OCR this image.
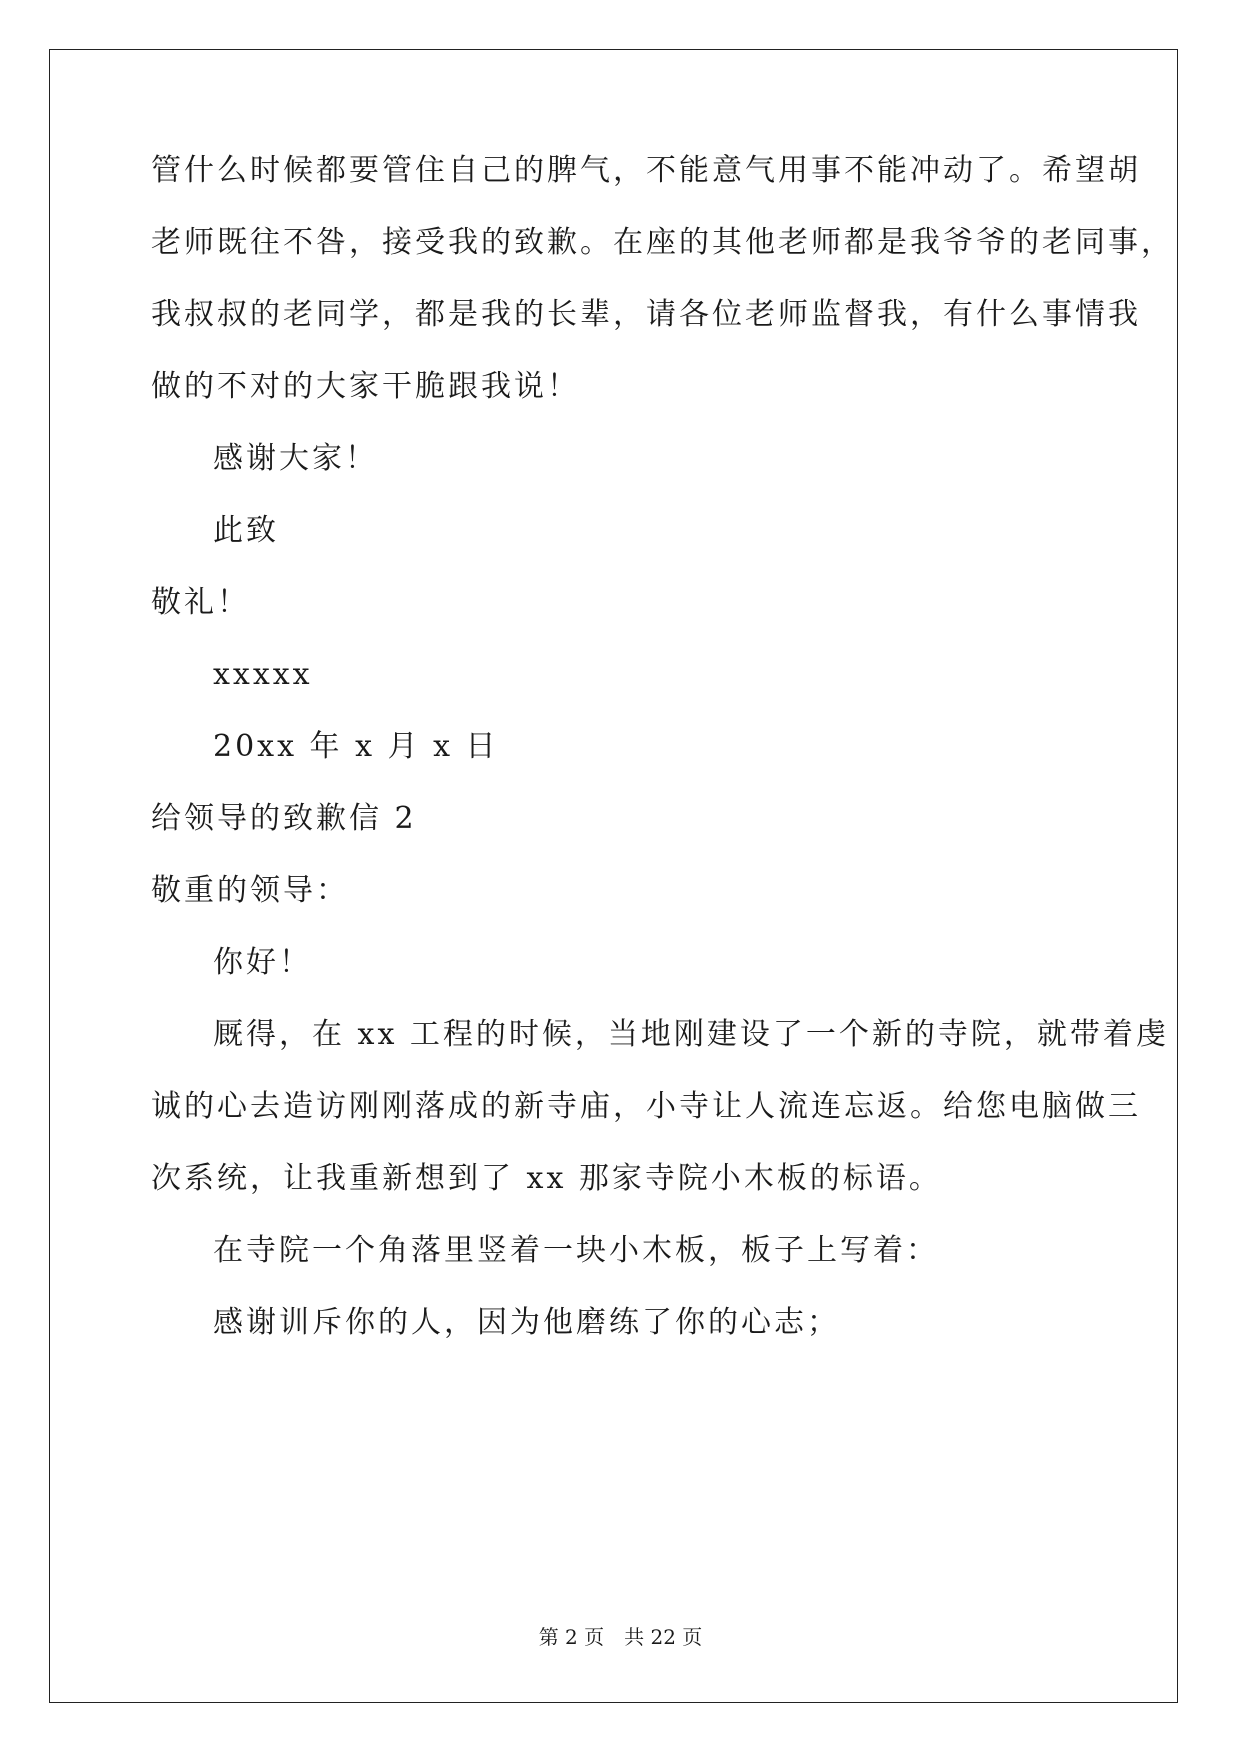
管什么时候都要管住自己的脾气，不能意气用事不能冲动了。希望胡
老师既往不咎，接受我的致歉。在座的其他老师都是我爷爷的老同事，
我叔叔的老同学，都是我的长辈，请各位老师监督我，有什么事情我
做的不对的大家干脆跟我说！
感谢大家！
此致
敬礼！
xxxxx
20xx 年 x 月 x 日
给领导的致歉信 2
敬重的领导：
你好！
厩得，在 xx 工程的时候，当地刚建设了一个新的寺院，就带着虔
诚的心去造访刚刚落成的新寺庙，小寺让人流连忘返。给您电脑做三
次系统，让我重新想到了 xx 那家寺院小木板的标语。
在寺院一个角落里竖着一块小木板，板子上写着：
感谢训斥你的人，因为他磨练了你的心志；
第 2 页 共 22 页
